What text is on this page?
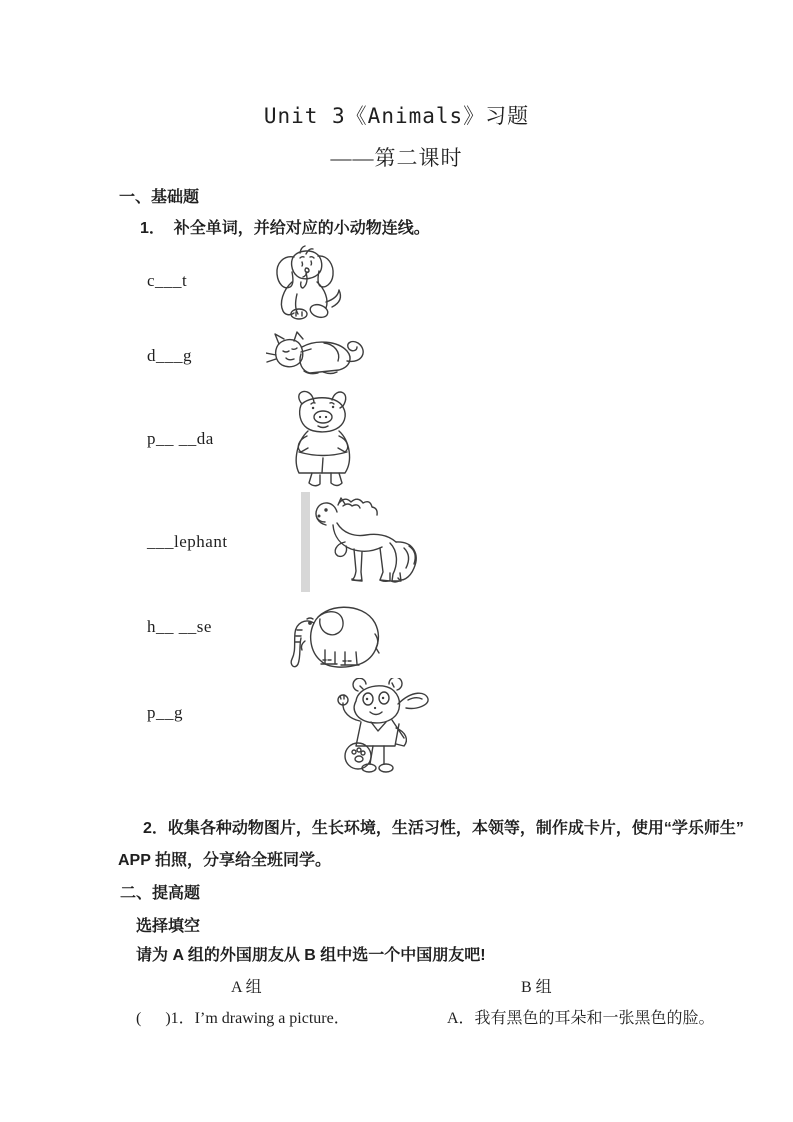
Unit 3《Animals》习题
——第二课时
一、基础题
1．  补全单词，并给对应的小动物连线。
c___t
d___g
p__ __da
___lephant
h__ __se
p__g
2．收集各种动物图片，生长环境，生活习性，本领等，制作成卡片，使用“学乐师生”
APP 拍照，分享给全班同学。
二、提高题
选择填空
请为 A 组的外国朋友从 B 组中选一个中国朋友吧!
A 组	B 组
(      )1．I’m drawing a picture．	A．我有黑色的耳朵和一张黑色的脸。
